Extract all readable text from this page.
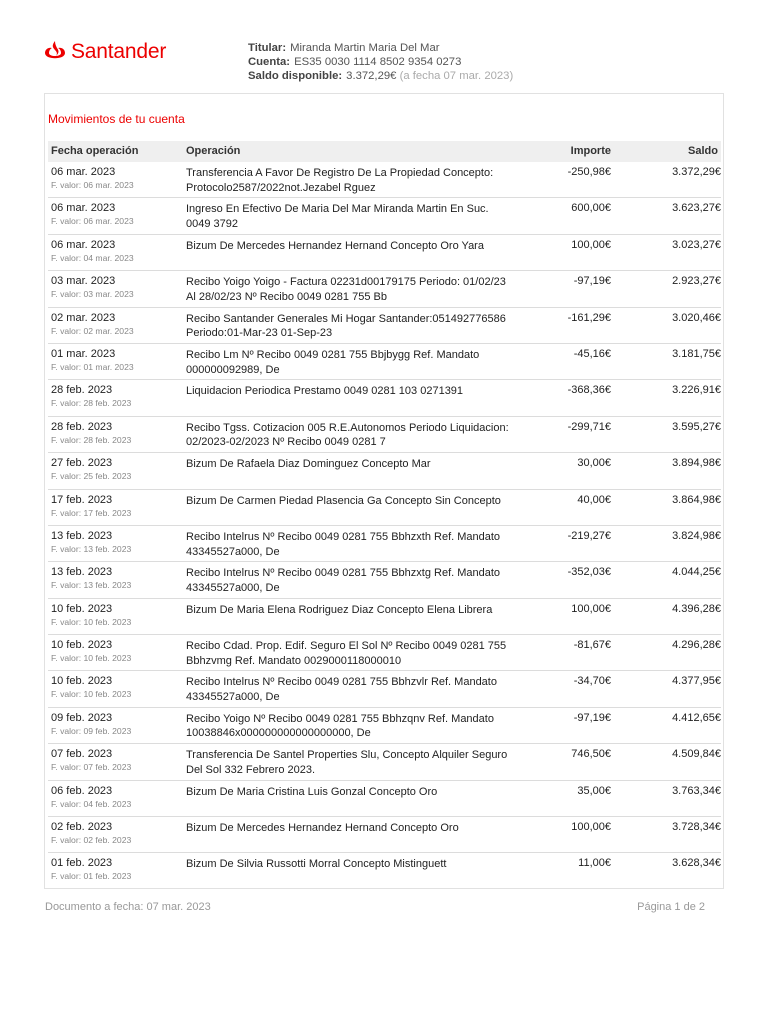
Santander	Titular: Miranda Martin Maria Del Mar
Cuenta: ES35 0030 1114 8502 9354 0273
Saldo disponible: 3.372,29€ (a fecha 07 mar. 2023)
Movimientos de tu cuenta
Fecha operación	Operación	Importe	Saldo
06 mar. 2023
F. valor: 06 mar. 2023
Transferencia A Favor De Registro De La Propiedad Concepto: Protocolo2587/2022not.Jezabel Rguez
-250,98€	3.372,29€
06 mar. 2023
F. valor: 06 mar. 2023
Ingreso En Efectivo De Maria Del Mar Miranda Martin En Suc. 0049 3792
600,00€	3.623,27€
06 mar. 2023
F. valor: 04 mar. 2023
Bizum De Mercedes Hernandez Hernand Concepto Oro Yara	100,00€	3.023,27€
03 mar. 2023
F. valor: 03 mar. 2023
Recibo Yoigo Yoigo - Factura 02231d00179175 Periodo: 01/02/23 Al 28/02/23 Nº Recibo 0049 0281 755 Bb
-97,19€	2.923,27€
02 mar. 2023
F. valor: 02 mar. 2023
Recibo Santander Generales Mi Hogar Santander:051492776586 Periodo:01-Mar-23 01-Sep-23
-161,29€	3.020,46€
01 mar. 2023
F. valor: 01 mar. 2023
Recibo Lm Nº Recibo 0049 0281 755 Bbjbygg Ref. Mandato 000000092989, De
-45,16€	3.181,75€
28 feb. 2023
F. valor: 28 feb. 2023
Liquidacion Periodica Prestamo 0049 0281 103 0271391	-368,36€	3.226,91€
28 feb. 2023
F. valor: 28 feb. 2023
Recibo Tgss. Cotizacion 005 R.E.Autonomos Periodo Liquidacion: 02/2023-02/2023 Nº Recibo 0049 0281 7
-299,71€	3.595,27€
27 feb. 2023
F. valor: 25 feb. 2023
Bizum De Rafaela Diaz Dominguez Concepto Mar	30,00€	3.894,98€
17 feb. 2023
F. valor: 17 feb. 2023
Bizum De Carmen Piedad Plasencia Ga Concepto Sin Concepto	40,00€	3.864,98€
13 feb. 2023
F. valor: 13 feb. 2023
Recibo Intelrus Nº Recibo 0049 0281 755 Bbhzxth Ref. Mandato 43345527a000, De
-219,27€	3.824,98€
13 feb. 2023
F. valor: 13 feb. 2023
Recibo Intelrus Nº Recibo 0049 0281 755 Bbhzxtg Ref. Mandato 43345527a000, De
-352,03€	4.044,25€
10 feb. 2023
F. valor: 10 feb. 2023
Bizum De Maria Elena Rodriguez Diaz Concepto Elena Librera	100,00€	4.396,28€
10 feb. 2023
F. valor: 10 feb. 2023
Recibo Cdad. Prop. Edif. Seguro El Sol Nº Recibo 0049 0281 755 Bbhzvmg Ref. Mandato 0029000118000010
-81,67€	4.296,28€
10 feb. 2023
F. valor: 10 feb. 2023
Recibo Intelrus Nº Recibo 0049 0281 755 Bbhzvlr Ref. Mandato 43345527a000, De
-34,70€	4.377,95€
09 feb. 2023
F. valor: 09 feb. 2023
Recibo Yoigo Nº Recibo 0049 0281 755 Bbhzqnv Ref. Mandato 10038846x000000000000000000, De
-97,19€	4.412,65€
07 feb. 2023
F. valor: 07 feb. 2023
Transferencia De Santel Properties Slu, Concepto Alquiler Seguro Del Sol 332 Febrero 2023.
746,50€	4.509,84€
06 feb. 2023
F. valor: 04 feb. 2023
Bizum De Maria Cristina Luis Gonzal Concepto Oro	35,00€	3.763,34€
02 feb. 2023
F. valor: 02 feb. 2023
Bizum De Mercedes Hernandez Hernand Concepto Oro	100,00€	3.728,34€
01 feb. 2023
F. valor: 01 feb. 2023
Bizum De Silvia Russotti Morral Concepto Mistinguett	11,00€	3.628,34€
Documento a fecha: 07 mar. 2023	Página 1 de 2
